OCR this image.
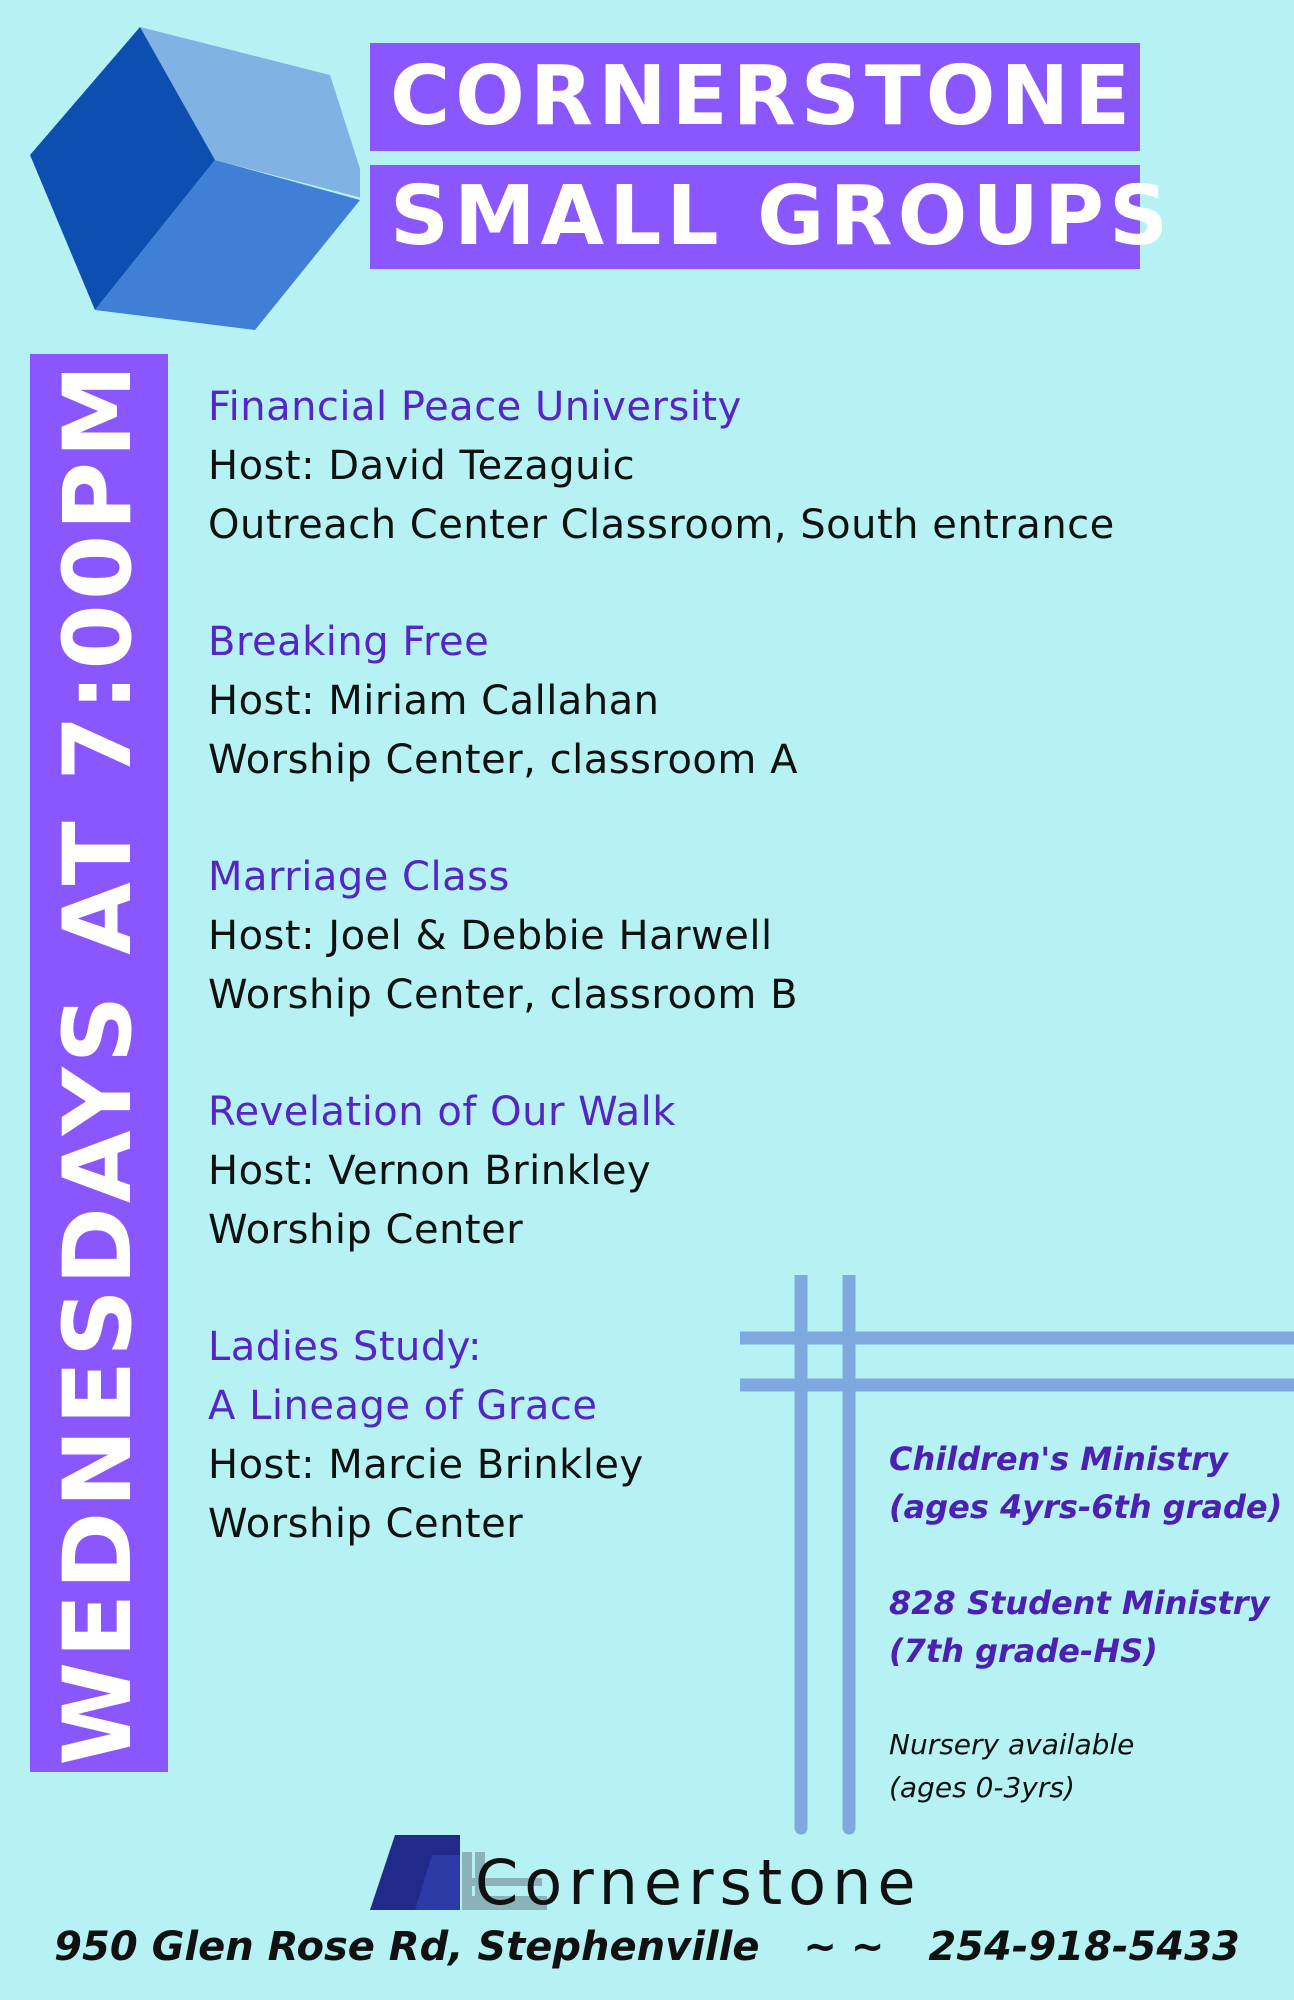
CORNERSTONE
SMALL GROUPS
WEDNESDAYS AT 7:00PM Financial Peace University
Host: David Tezaguic
Outreach Center Classroom, South entrance
Breaking Free
Host: Miriam Callahan
Worship Center, classroom A
Marriage Class
Host: Joel & Debbie Harwell
Worship Center, classroom B
Revelation of Our Walk
Host: Vernon Brinkley
Worship Center
Ladies Study:
A Lineage of Grace
Host: Marcie Brinkley
Worship Center
Children's Ministry
(ages 4yrs-6th grade)
828 Student Ministry
(7th grade-HS)
Nursery available
(ages 0-3yrs)
Cornerstone
950 Glen Rose Rd, Stephenville ~ ~ 254-918-5433
